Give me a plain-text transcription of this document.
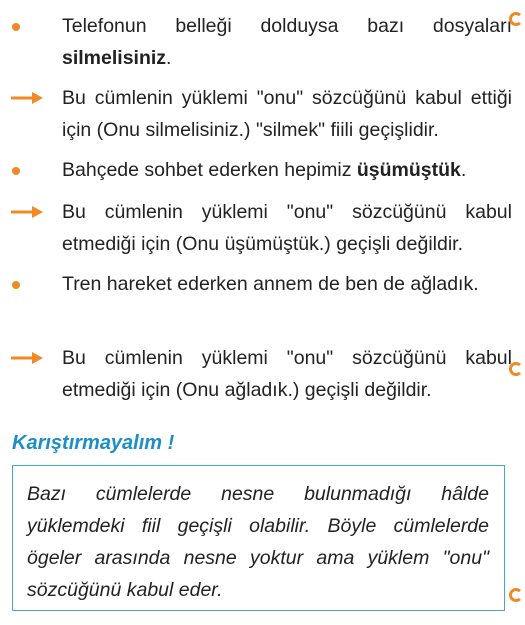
Telefonun belleği dolduysa bazı dosyaları silmelisiniz.
Bu cümlenin yüklemi "onu" sözcüğünü kabul ettiği için (Onu silmelisiniz.) "silmek" fiili geçişlidir.
Bahçede sohbet ederken hepimiz üşümüştük.
Bu cümlenin yüklemi "onu" sözcüğünü kabul etmediği için (Onu üşümüştük.) geçişli değildir.
Tren hareket ederken annem de ben de ağladık.
Bu cümlenin yüklemi "onu" sözcüğünü kabul etmediği için (Onu ağladık.) geçişli değildir.
Karıştırmayalım !
Bazı cümlelerde nesne bulunmadığı hâlde yüklemdeki fiil geçişli olabilir. Böyle cümlelerde ögeler arasında nesne yoktur ama yüklem "onu" sözcüğünü kabul eder.
